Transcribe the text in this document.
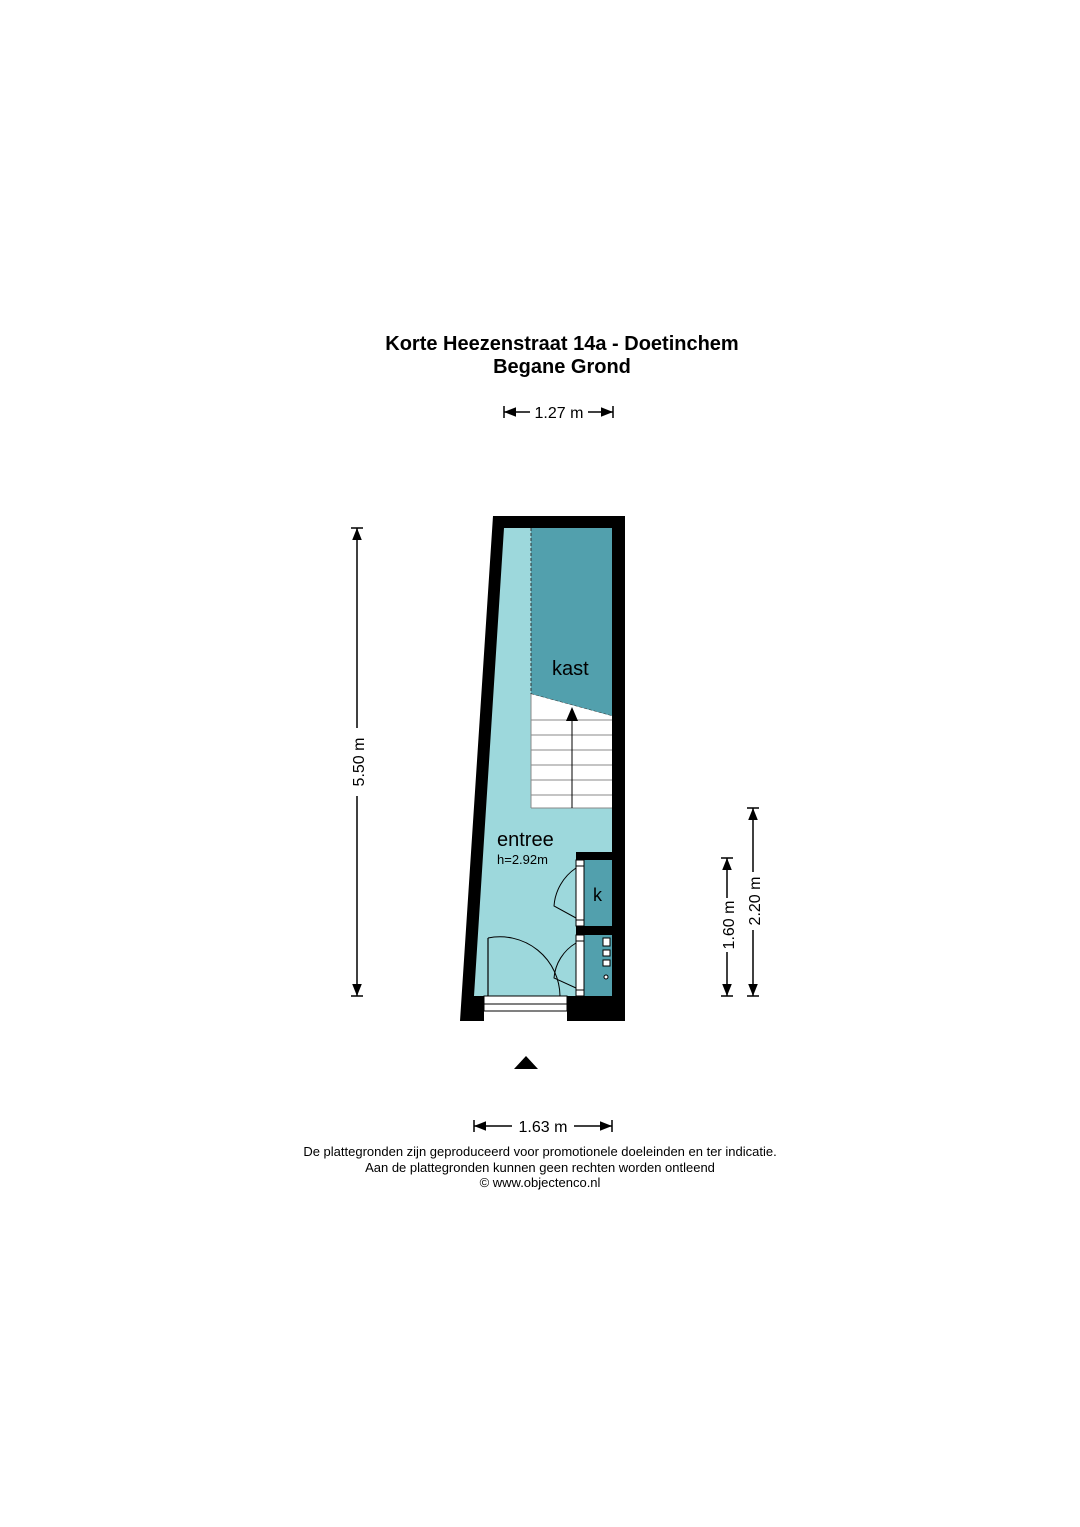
Korte Heezenstraat 14a - Doetinchem
Begane Grond
kast
entree
h=2.92m
k
5.50 m
1.60 m 2.20 m
1.27 m
1.63 m
De plattegronden zijn geproduceerd voor promotionele doeleinden en ter indicatie.
Aan de plattegronden kunnen geen rechten worden ontleend
© www.objectenco.nl
